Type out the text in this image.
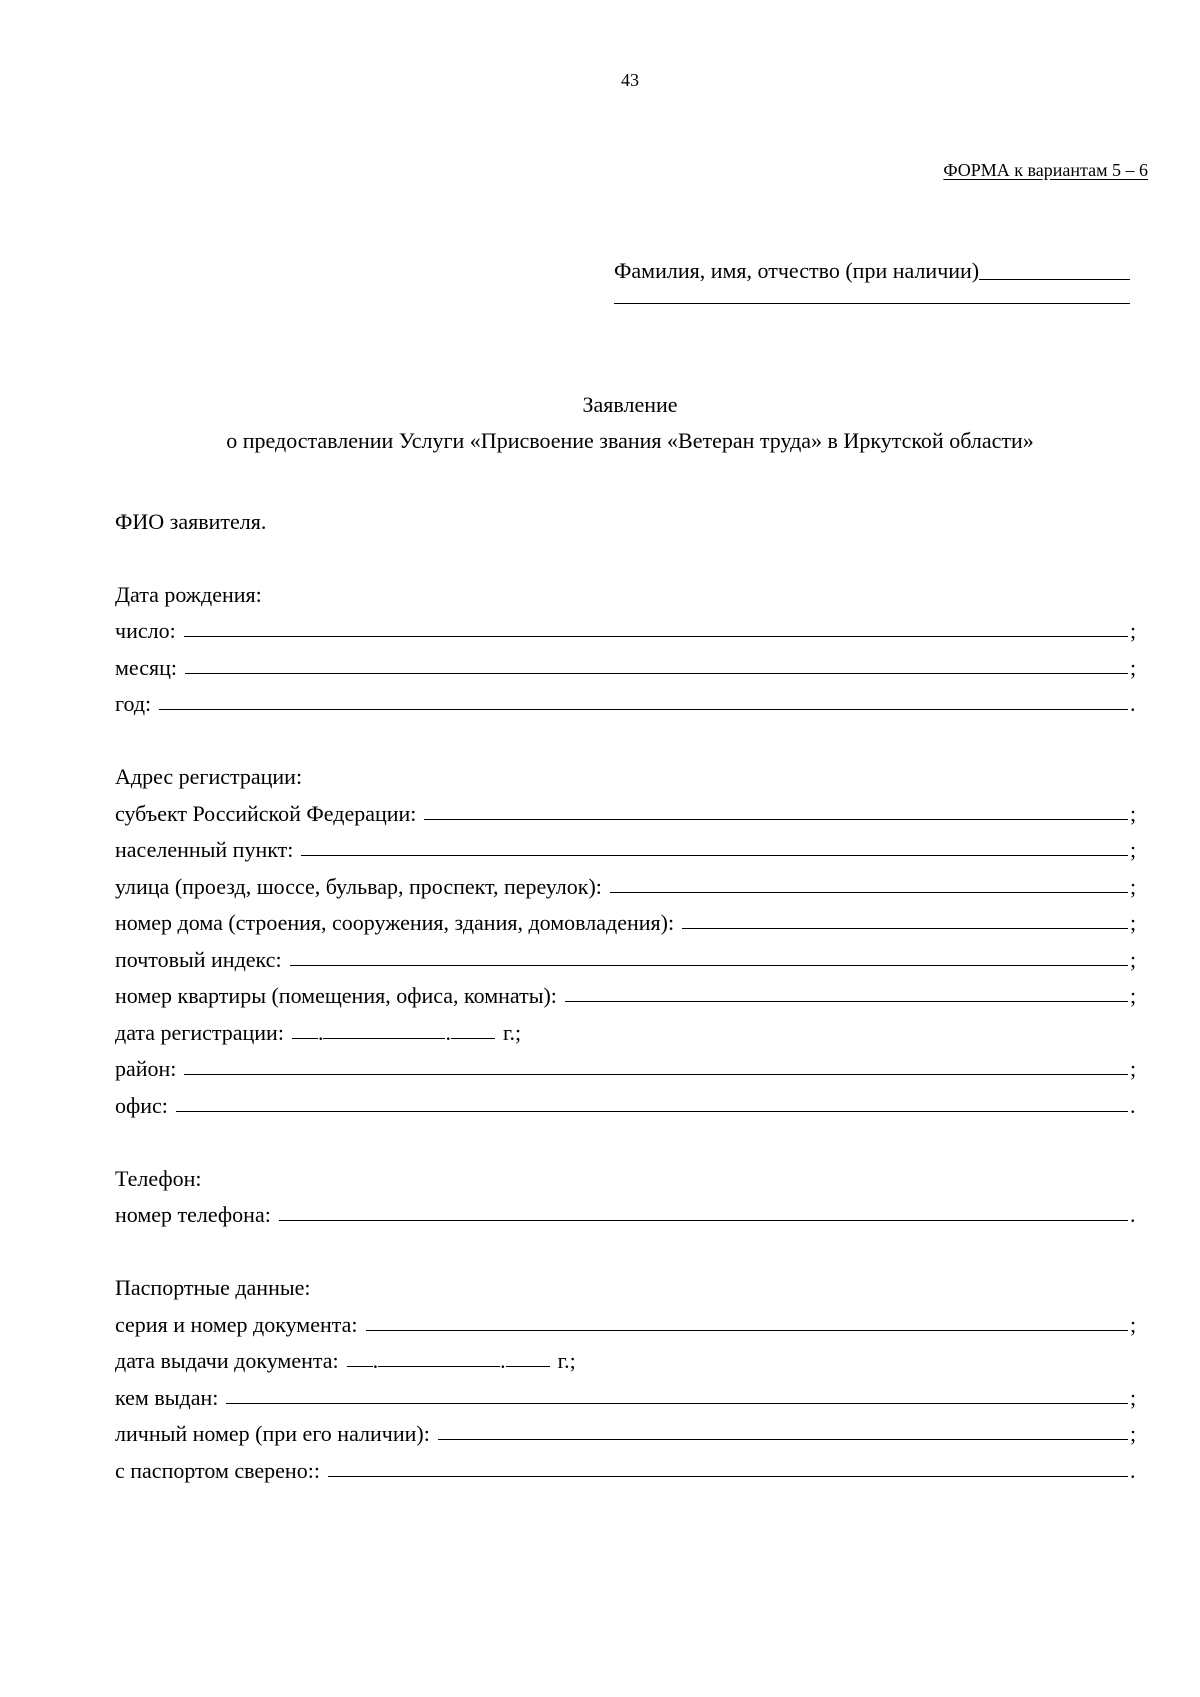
43
ФОРМА к вариантам 5 – 6
Фамилия, имя, отчество (при наличии)
Заявление
о предоставлении Услуги «Присвоение звания «Ветеран труда» в Иркутской области»
ФИО заявителя.
Дата рождения:
число:	;
месяц:	;
год:	.
Адрес регистрации:
субъект Российской Федерации:	;
населенный пункт:	;
улица (проезд, шоссе, бульвар, проспект, переулок):	;
номер дома (строения, сооружения, здания, домовладения):	;
почтовый индекс:	;
номер квартиры (помещения, офиса, комнаты):	;
дата регистрации:	.	.	г.;
район:	;
офис:	.
Телефон:
номер телефона:	.
Паспортные данные:
серия и номер документа:	;
дата выдачи документа:	.	.	г.;
кем выдан:	;
личный номер (при его наличии):	;
с паспортом сверено::	.
